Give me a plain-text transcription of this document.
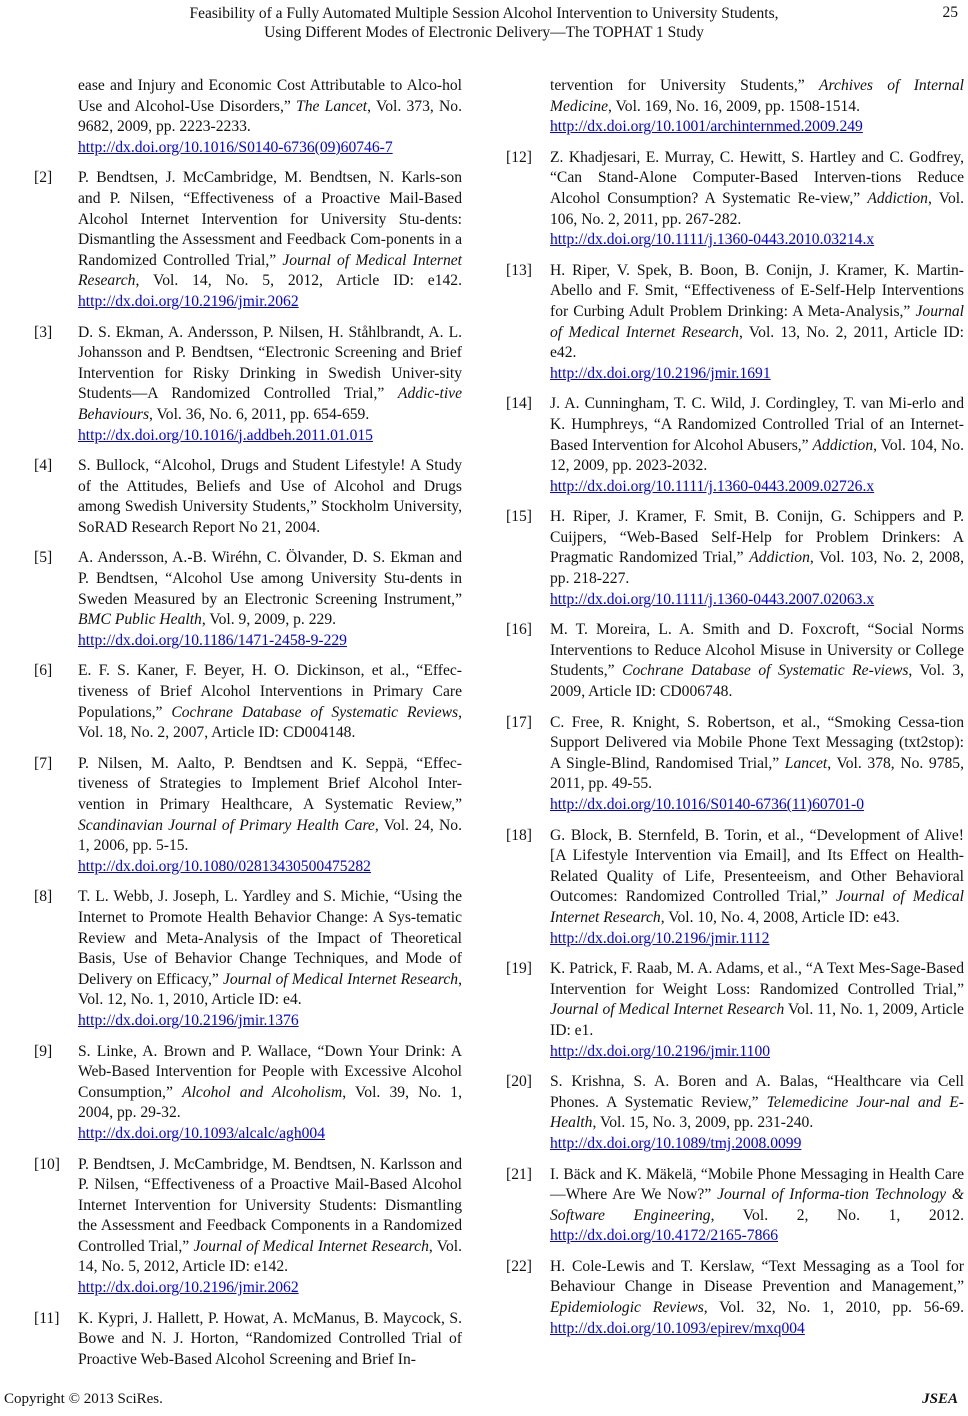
Feasibility of a Fully Automated Multiple Session Alcohol Intervention to University Students,
Using Different Modes of Electronic Delivery—The TOPHAT 1 Study
25
ease and Injury and Economic Cost Attributable to Alco-hol Use and Alcohol-Use Disorders,” The Lancet, Vol. 373, No. 9682, 2009, pp. 2223-2233.
http://dx.doi.org/10.1016/S0140-6736(09)60746-7
[2] P. Bendtsen, J. McCambridge, M. Bendtsen, N. Karls-son and P. Nilsen, “Effectiveness of a Proactive Mail-Based Alcohol Internet Intervention for University Stu-dents: Dismantling the Assessment and Feedback Com-ponents in a Randomized Controlled Trial,” Journal of Medical Internet Research, Vol. 14, No. 5, 2012, Article ID: e142. http://dx.doi.org/10.2196/jmir.2062
[3] D. S. Ekman, A. Andersson, P. Nilsen, H. Ståhlbrandt, A. L. Johansson and P. Bendtsen, “Electronic Screening and Brief Intervention for Risky Drinking in Swedish Univer-sity Students—A Randomized Controlled Trial,” Addic-tive Behaviours, Vol. 36, No. 6, 2011, pp. 654-659.
http://dx.doi.org/10.1016/j.addbeh.2011.01.015
[4] S. Bullock, “Alcohol, Drugs and Student Lifestyle! A Study of the Attitudes, Beliefs and Use of Alcohol and Drugs among Swedish University Students,” Stockholm University, SoRAD Research Report No 21, 2004.
[5] A. Andersson, A.-B. Wiréhn, C. Ölvander, D. S. Ekman and P. Bendtsen, “Alcohol Use among University Stu-dents in Sweden Measured by an Electronic Screening Instrument,” BMC Public Health, Vol. 9, 2009, p. 229.
http://dx.doi.org/10.1186/1471-2458-9-229
[6] E. F. S. Kaner, F. Beyer, H. O. Dickinson, et al., “Effec-tiveness of Brief Alcohol Interventions in Primary Care Populations,” Cochrane Database of Systematic Reviews, Vol. 18, No. 2, 2007, Article ID: CD004148.
[7] P. Nilsen, M. Aalto, P. Bendtsen and K. Seppä, “Effec-tiveness of Strategies to Implement Brief Alcohol Inter-vention in Primary Healthcare, A Systematic Review,” Scandinavian Journal of Primary Health Care, Vol. 24, No. 1, 2006, pp. 5-15.
http://dx.doi.org/10.1080/02813430500475282
[8] T. L. Webb, J. Joseph, L. Yardley and S. Michie, “Using the Internet to Promote Health Behavior Change: A Sys-tematic Review and Meta-Analysis of the Impact of Theoretical Basis, Use of Behavior Change Techniques, and Mode of Delivery on Efficacy,” Journal of Medical Internet Research, Vol. 12, No. 1, 2010, Article ID: e4.
http://dx.doi.org/10.2196/jmir.1376
[9] S. Linke, A. Brown and P. Wallace, “Down Your Drink: A Web-Based Intervention for People with Excessive Alcohol Consumption,” Alcohol and Alcoholism, Vol. 39, No. 1, 2004, pp. 29-32.
http://dx.doi.org/10.1093/alcalc/agh004
[10] P. Bendtsen, J. McCambridge, M. Bendtsen, N. Karlsson and P. Nilsen, “Effectiveness of a Proactive Mail-Based Alcohol Internet Intervention for University Students: Dismantling the Assessment and Feedback Components in a Randomized Controlled Trial,” Journal of Medical Internet Research, Vol. 14, No. 5, 2012, Article ID: e142.
http://dx.doi.org/10.2196/jmir.2062
[11] K. Kypri, J. Hallett, P. Howat, A. McManus, B. Maycock, S. Bowe and N. J. Horton, “Randomized Controlled Trial of Proactive Web-Based Alcohol Screening and Brief In-
tervention for University Students,” Archives of Internal Medicine, Vol. 169, No. 16, 2009, pp. 1508-1514.
http://dx.doi.org/10.1001/archinternmed.2009.249
[12] Z. Khadjesari, E. Murray, C. Hewitt, S. Hartley and C. Godfrey, “Can Stand-Alone Computer-Based Interven-tions Reduce Alcohol Consumption? A Systematic Re-view,” Addiction, Vol. 106, No. 2, 2011, pp. 267-282.
http://dx.doi.org/10.1111/j.1360-0443.2010.03214.x
[13] H. Riper, V. Spek, B. Boon, B. Conijn, J. Kramer, K. Martin-Abello and F. Smit, “Effectiveness of E-Self-Help Interventions for Curbing Adult Problem Drinking: A Meta-Analysis,” Journal of Medical Internet Research, Vol. 13, No. 2, 2011, Article ID: e42.
http://dx.doi.org/10.2196/jmir.1691
[14] J. A. Cunningham, T. C. Wild, J. Cordingley, T. van Mi-erlo and K. Humphreys, “A Randomized Controlled Trial of an Internet-Based Intervention for Alcohol Abusers,” Addiction, Vol. 104, No. 12, 2009, pp. 2023-2032.
http://dx.doi.org/10.1111/j.1360-0443.2009.02726.x
[15] H. Riper, J. Kramer, F. Smit, B. Conijn, G. Schippers and P. Cuijpers, “Web-Based Self-Help for Problem Drinkers: A Pragmatic Randomized Trial,” Addiction, Vol. 103, No. 2, 2008, pp. 218-227.
http://dx.doi.org/10.1111/j.1360-0443.2007.02063.x
[16] M. T. Moreira, L. A. Smith and D. Foxcroft, “Social Norms Interventions to Reduce Alcohol Misuse in University or College Students,” Cochrane Database of Systematic Re-views, Vol. 3, 2009, Article ID: CD006748.
[17] C. Free, R. Knight, S. Robertson, et al., “Smoking Cessa-tion Support Delivered via Mobile Phone Text Messaging (txt2stop): A Single-Blind, Randomised Trial,” Lancet, Vol. 378, No. 9785, 2011, pp. 49-55.
http://dx.doi.org/10.1016/S0140-6736(11)60701-0
[18] G. Block, B. Sternfeld, B. Torin, et al., “Development of Alive! [A Lifestyle Intervention via Email], and Its Effect on Health-Related Quality of Life, Presenteeism, and Other Behavioral Outcomes: Randomized Controlled Trial,” Journal of Medical Internet Research, Vol. 10, No. 4, 2008, Article ID: e43.
http://dx.doi.org/10.2196/jmir.1112
[19] K. Patrick, F. Raab, M. A. Adams, et al., “A Text Mes-Sage-Based Intervention for Weight Loss: Randomized Controlled Trial,” Journal of Medical Internet Research Vol. 11, No. 1, 2009, Article ID: e1.
http://dx.doi.org/10.2196/jmir.1100
[20] S. Krishna, S. A. Boren and A. Balas, “Healthcare via Cell Phones. A Systematic Review,” Telemedicine Jour-nal and E-Health, Vol. 15, No. 3, 2009, pp. 231-240.
http://dx.doi.org/10.1089/tmj.2008.0099
[21] I. Bäck and K. Mäkelä, “Mobile Phone Messaging in Health Care—Where Are We Now?” Journal of Informa-tion Technology & Software Engineering, Vol. 2, No. 1, 2012. http://dx.doi.org/10.4172/2165-7866
[22] H. Cole-Lewis and T. Kerslaw, “Text Messaging as a Tool for Behaviour Change in Disease Prevention and Management,” Epidemiologic Reviews, Vol. 32, No. 1, 2010, pp. 56-69. http://dx.doi.org/10.1093/epirev/mxq004
Copyright © 2013 SciRes.	JSEA
